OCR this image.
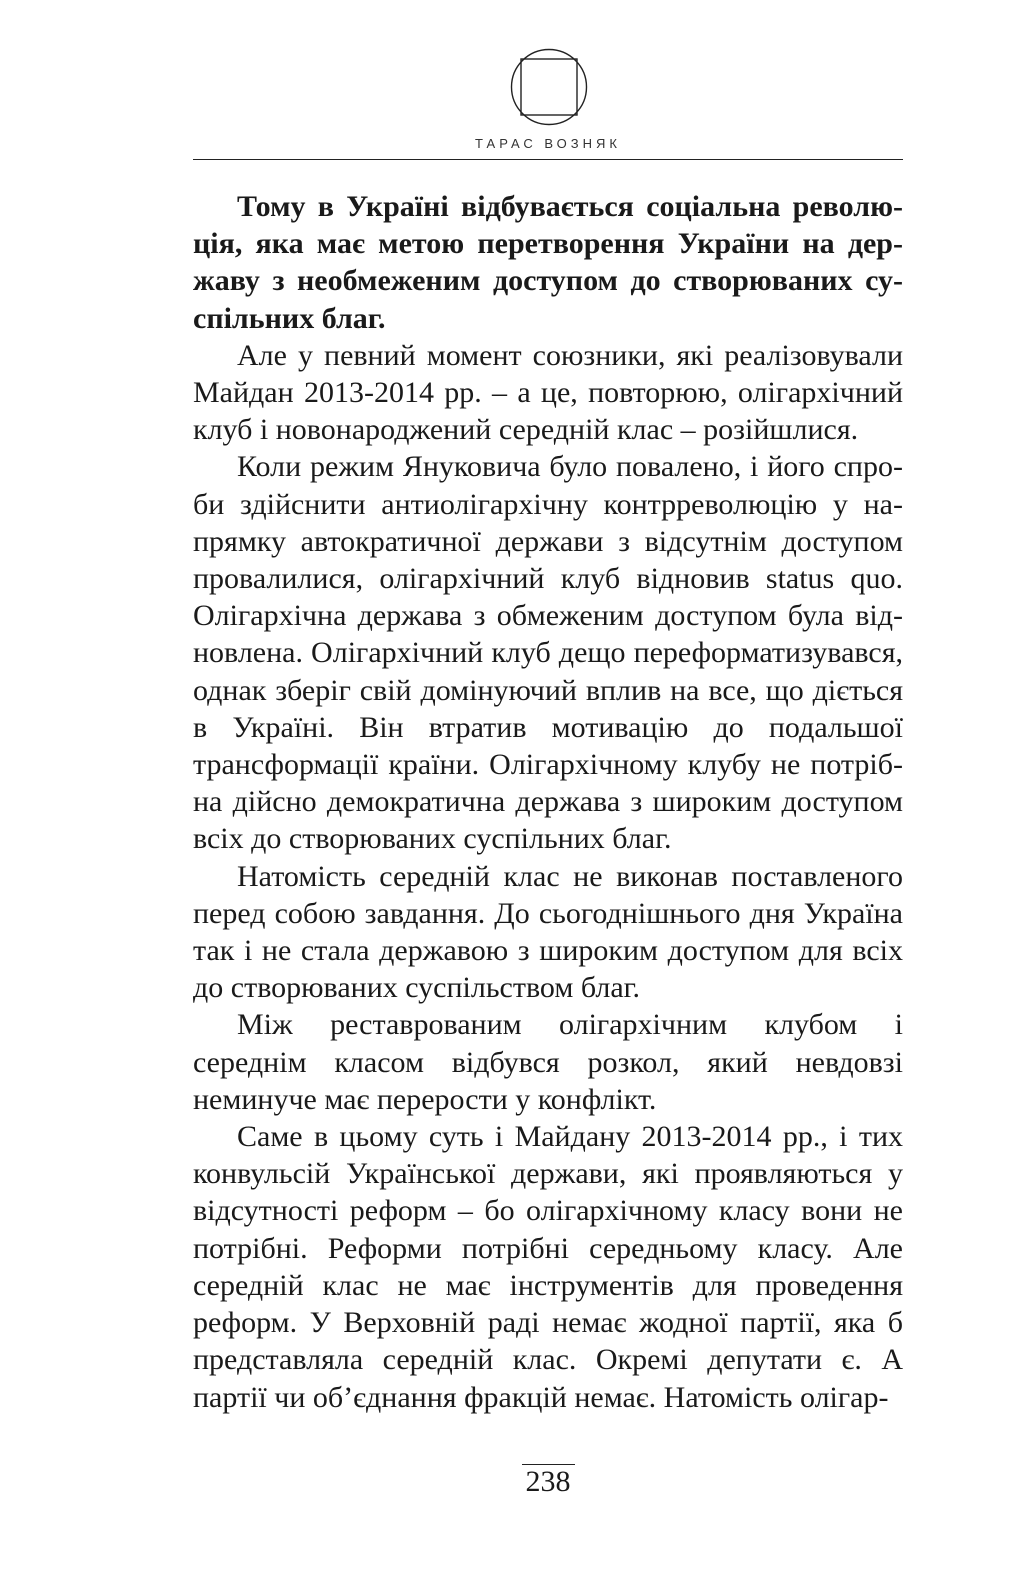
ТАРАС ВОЗНЯК

Тому в Україні відбувається соціальна революція, яка має метою перетворення України на державу з необмеженим доступом до створюваних суспільних благ.

Але у певний момент союзники, які реалізовували Майдан 2013-2014 рр. – а це, повторюю, олігархічний клуб і новонароджений середній клас – розійшлися.

Коли режим Януковича було повалено, і його спроби здійснити антиолігархічну контрреволюцію у напрямку автократичної держави з відсутнім доступом провалилися, олігархічний клуб відновив status quo. Олігархічна держава з обмеженим доступом була відновлена. Олігархічний клуб дещо переформатизувався, однак зберіг свій домінуючий вплив на все, що діється в Україні. Він втратив мотивацію до подальшої трансформації країни. Олігархічному клубу не потрібна дійсно демократична держава з широким доступом всіх до створюваних суспільних благ.

Натомість середній клас не виконав поставленого перед собою завдання. До сьогоднішнього дня Україна так і не стала державою з широким доступом для всіх до створюваних суспільством благ.

Між реставрованим олігархічним клубом і середнім класом відбувся розкол, який невдовзі неминуче має перерости у конфлікт.

Саме в цьому суть і Майдану 2013-2014 рр., і тих конвульсій Української держави, які проявляються у відсутності реформ – бо олігархічному класу вони не потрібні. Реформи потрібні середньому класу. Але середній клас не має інструментів для проведення реформ. У Верховній раді немає жодної партії, яка б представляла середній клас. Окремі депутати є. А партії чи об’єднання фракцій немає. Натомість олігар-

238
